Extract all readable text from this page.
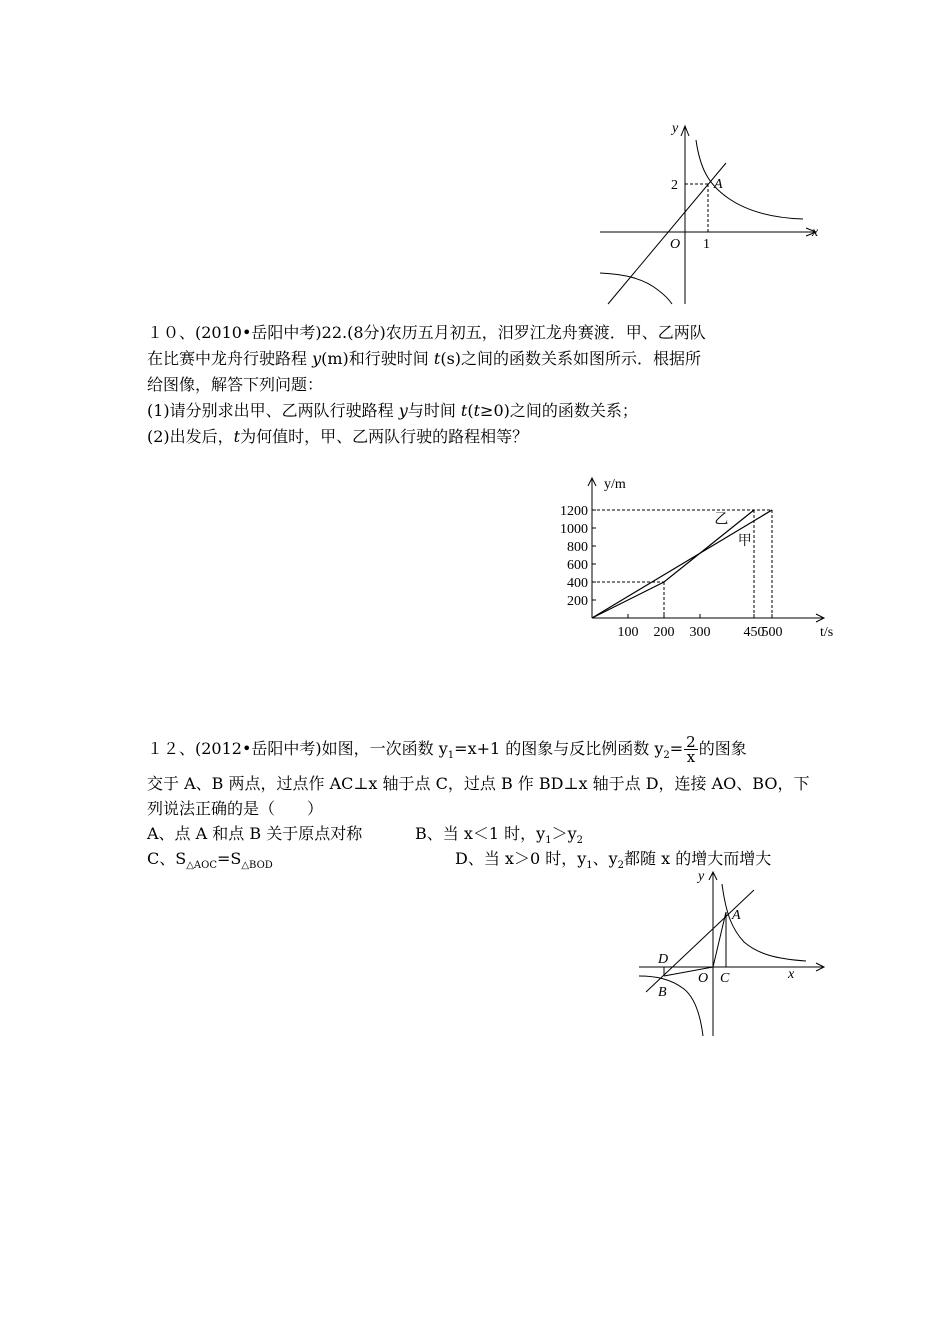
y
x
O
2
1
A
１０、(2010•岳阳中考)22.(8分)农历五月初五，汨罗江龙舟赛渡．甲、乙两队
在比赛中龙舟行驶路程 y(m)和行驶时间 t(s)之间的函数关系如图所示．根据所
给图像，解答下列问题：
(1)请分别求出甲、乙两队行驶路程 y与时间 t(t≥0)之间的函数关系；
(2)出发后，t为何值时，甲、乙两队行驶的路程相等？
200
400
600
800
1000
1200
100 200 300 450
500
y/m
t/s
乙
甲
１２、(2012•岳阳中考)如图，一次函数 $y_1=x+1$ 的图象与反比例函数 $y_2= \frac{2}{x}$ 的图象
交于 A、B 两点，过点作 AC⊥x 轴于点 C，过点 B 作 BD⊥x 轴于点 D，连接 AO、BO，下
列说法正确的是（　　）
A、点 A 和点 B 关于原点对称	B、当 x＜1 时，$y_1>y_2$
C、$S_{\triangle AOC}=S_{\triangle BOD}$	D、当 x＞0 时，$y_1$、$y_2$都随 x 的增大而增大
y
x
O
A
B
C
D
